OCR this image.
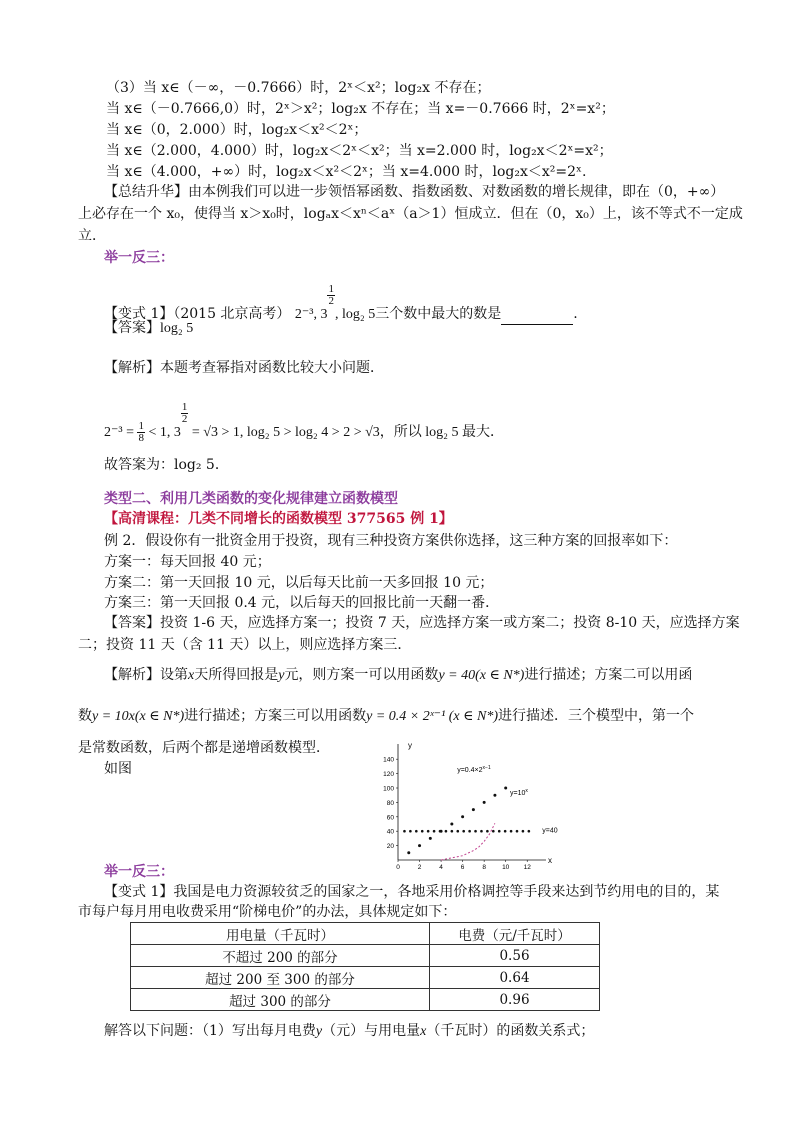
（3）当 x∈（－∞，－0.7666）时，2ˣ＜x²；log₂x 不存在；
当 x∈（－0.7666,0）时，2ˣ＞x²；log₂x 不存在；当 x=－0.7666 时，2ˣ=x²；
当 x∈（0，2.000）时，log₂x＜x²＜2ˣ；
当 x∈（2.000，4.000）时，log₂x＜2ˣ＜x²；当 x=2.000 时，log₂x＜2ˣ=x²；
当 x∈（4.000，+∞）时，log₂x＜x²＜2ˣ；当 x=4.000 时，log₂x＜x²=2ˣ.
【总结升华】由本例我们可以进一步领悟幂函数、指数函数、对数函数的增长规律，即在（0，+∞）
上必存在一个 x₀，使得当 x＞x₀时，logₐx＜xⁿ＜aˣ（a＞1）恒成立．但在（0，x₀）上，该不等式不一定成
立．
举一反三：
【变式 1】（2015 北京高考） 2⁻³, 3
$\frac{1}{2}$
, log₂ 5三个数中最大的数是	.
【答案】log₂ 5
【解析】本题考查幂指对函数比较大小问题．
$2^{-3} = \frac{1}{8} < 1$, 3
$\frac{1}{2}$
= √3 > 1, log₂ 5 > log₂ 4 > 2 > √3，所以 log₂ 5 最大．
故答案为：log₂ 5．
类型二、利用几类函数的变化规律建立函数模型
【高清课程：几类不同增长的函数模型 377565 例 1】
例 2．假设你有一批资金用于投资，现有三种投资方案供你选择，这三种方案的回报率如下：
方案一：每天回报 40 元；
方案二：第一天回报 10 元，以后每天比前一天多回报 10 元；
方案三：第一天回报 0.4 元，以后每天的回报比前一天翻一番．
【答案】投资 1-6 天，应选择方案一；投资 7 天，应选择方案一或方案二；投资 8-10 天，应选择方案
二；投资 11 天（含 11 天）以上，则应选择方案三．
【解析】设第x天所得回报是y元，则方案一可以用函数y = 40(x ∈ N*)进行描述；方案二可以用函
数y = 10x(x ∈ N*)进行描述；方案三可以用函数y = 0.4 × 2ˣ⁻¹ (x ∈ N*)进行描述．三个模型中，第一个
是常数函数，后两个都是递增函数模型．
如图
x
y
0	2	4	6	8 10 12
20
40
60
80
100
120
140
$y=0.4\times 2^{x-1}$
$y=10^x$
y=40
举一反三：
【变式 1】我国是电力资源较贫乏的国家之一，各地采用价格调控等手段来达到节约用电的目的，某
市每户每月用电收费采用“阶梯电价”的办法，具体规定如下：
用电量（千瓦时）	电费（元/千瓦时）
不超过 200 的部分	0.56
超过 200 至 300 的部分	0.64
超过 300 的部分	0.96
解答以下问题：（1）写出每月电费y（元）与用电量x（千瓦时）的函数关系式；
